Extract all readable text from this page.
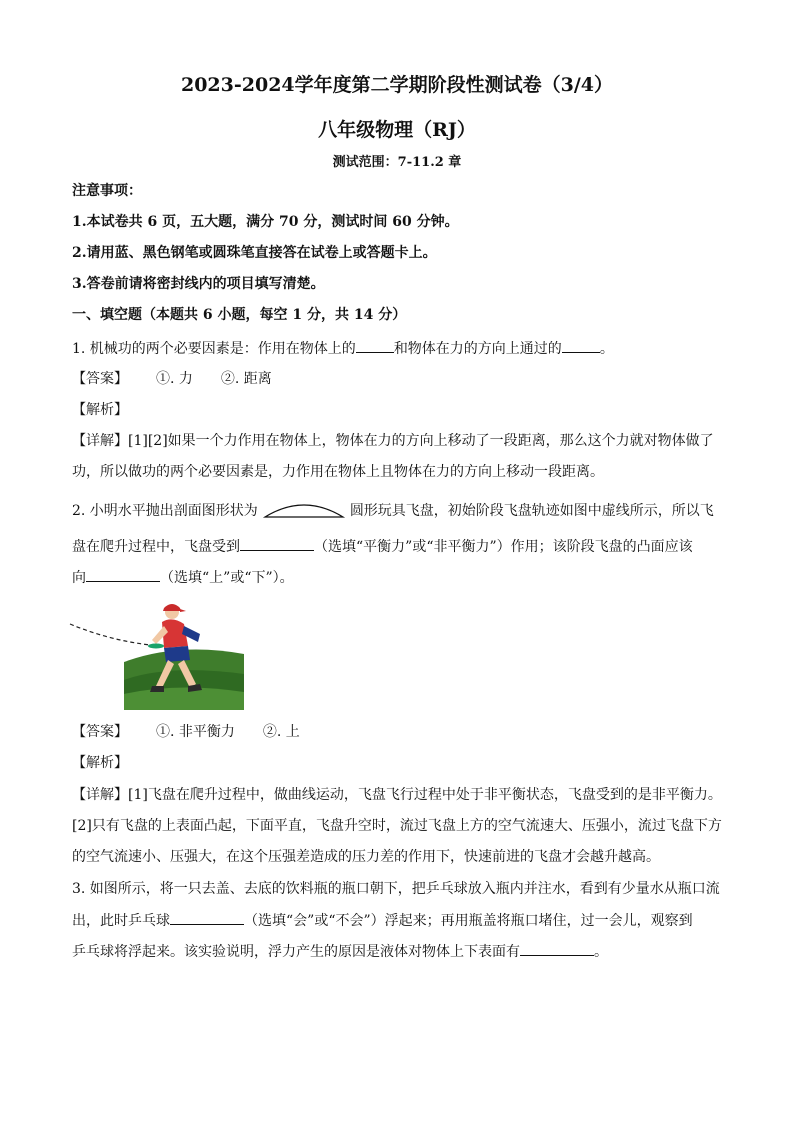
2023-2024学年度第二学期阶段性测试卷（3/4）
八年级物理（RJ）
测试范围：7-11.2 章
注意事项：
1.本试卷共 6 页，五大题，满分 70 分，测试时间 60 分钟。
2.请用蓝、黑色钢笔或圆珠笔直接答在试卷上或答题卡上。
3.答卷前请将密封线内的项目填写清楚。
一、填空题（本题共 6 小题，每空 1 分，共 14 分）
1. 机械功的两个必要因素是：作用在物体上的	和物体在力的方向上通过的	。
【答案】 ①. 力 ②. 距离
【解析】
【详解】[1][2]如果一个力作用在物体上，物体在力的方向上移动了一段距离，那么这个力就对物体做了
功，所以做功的两个必要因素是，力作用在物体上且物体在力的方向上移动一段距离。
2. 小明水平抛出剖面图形状为	圆形玩具飞盘，初始阶段飞盘轨迹如图中虚线所示，所以飞
盘在爬升过程中，飞盘受到	（选填“平衡力”或“非平衡力”）作用；该阶段飞盘的凸面应该
向	（选填“上”或“下”）。
【答案】 ①. 非平衡力 ②. 上
【解析】
【详解】[1]飞盘在爬升过程中，做曲线运动，飞盘飞行过程中处于非平衡状态，飞盘受到的是非平衡力。
[2]只有飞盘的上表面凸起，下面平直，飞盘升空时，流过飞盘上方的空气流速大、压强小，流过飞盘下方
的空气流速小、压强大，在这个压强差造成的压力差的作用下，快速前进的飞盘才会越升越高。
3. 如图所示，将一只去盖、去底的饮料瓶的瓶口朝下，把乒乓球放入瓶内并注水，看到有少量水从瓶口流
出，此时乒乓球	（选填“会”或“不会”）浮起来；再用瓶盖将瓶口堵住，过一会儿，观察到
乒乓球将浮起来。该实验说明，浮力产生的原因是液体对物体上下表面有	。
